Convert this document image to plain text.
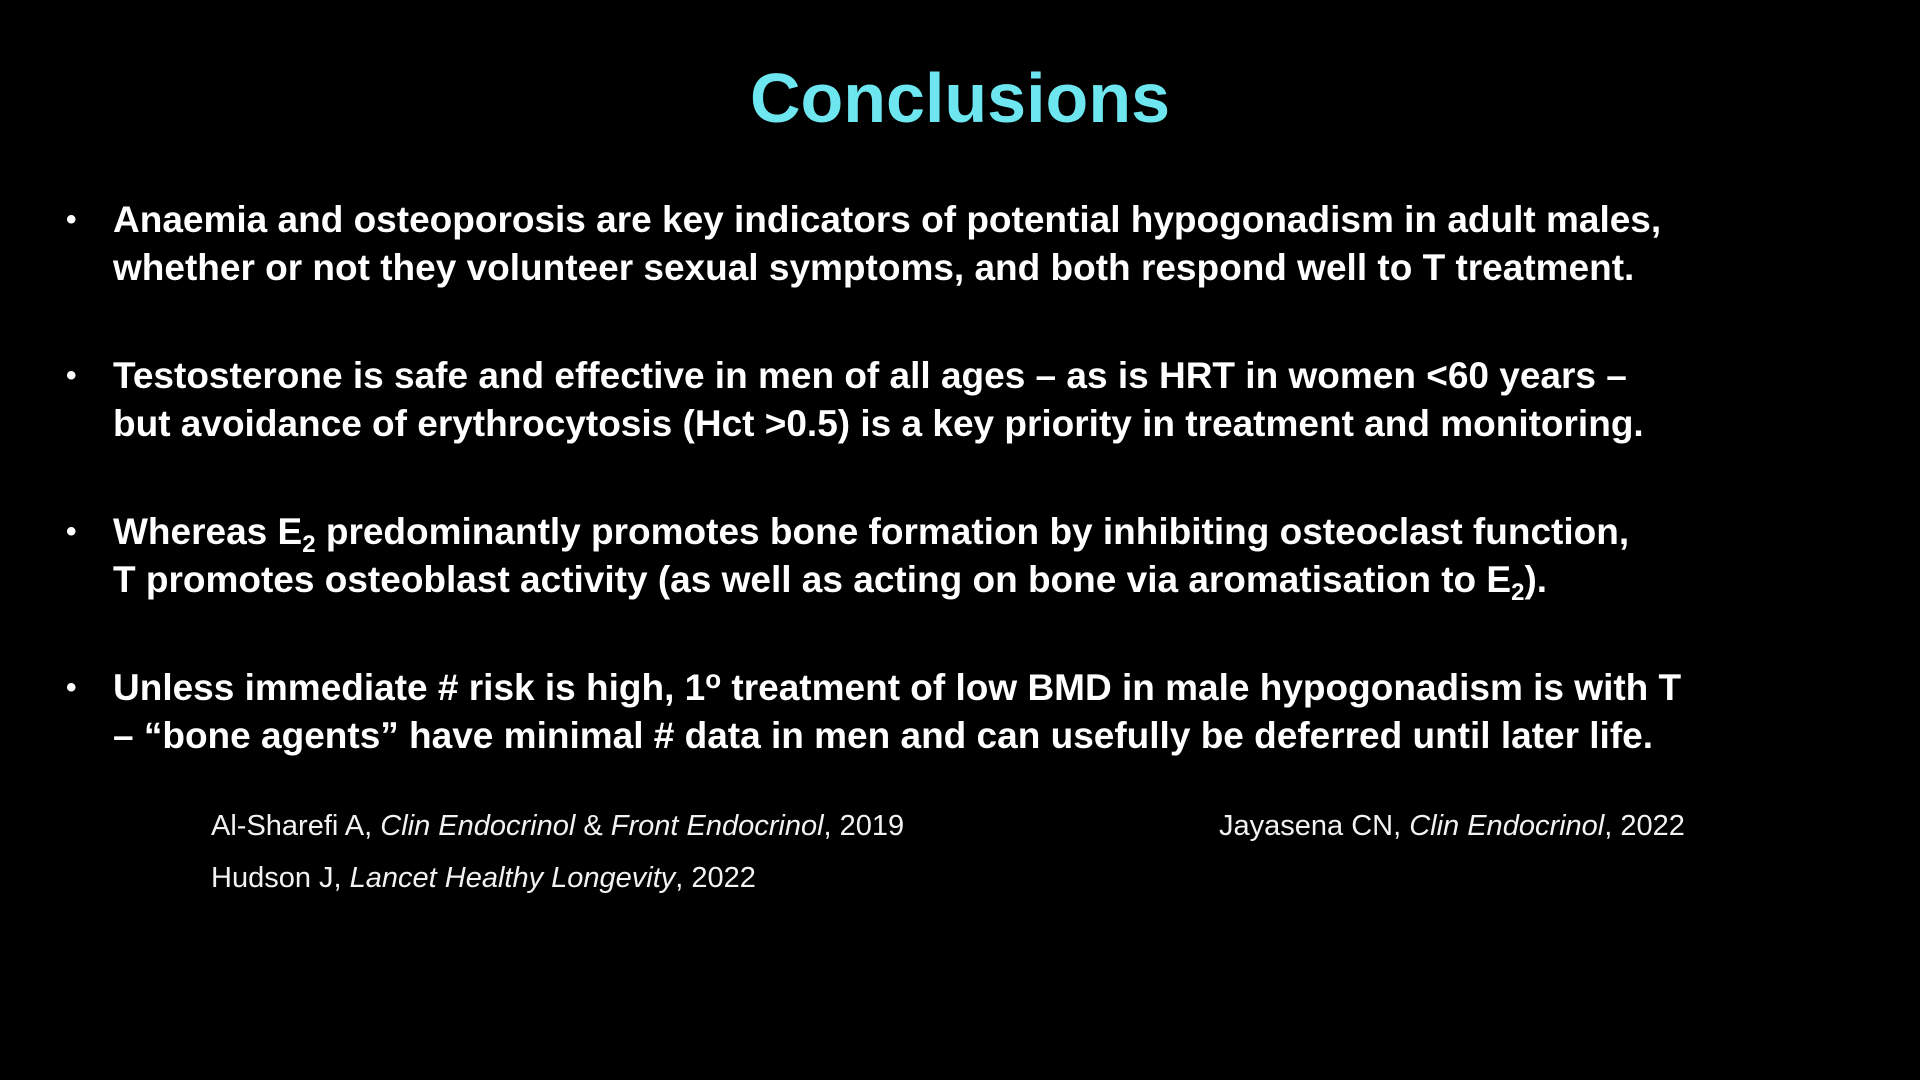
Conclusions
• Anaemia and osteoporosis are key indicators of potential hypogonadism in adult males,
whether or not they volunteer sexual symptoms, and both respond well to T treatment.
• Testosterone is safe and effective in men of all ages – as is HRT in women <60 years –
but avoidance of erythrocytosis (Hct >0.5) is a key priority in treatment and monitoring.
• Whereas $E_2$ predominantly promotes bone formation by inhibiting osteoclast function,
T promotes osteoblast activity (as well as acting on bone via aromatisation to $E_2$).
• Unless immediate # risk is high, 1$^o$ treatment of low BMD in male hypogonadism is with T
– “bone agents” have minimal # data in men and can usefully be deferred until later life.
Al-Sharefi A, Clin Endocrinol & Front Endocrinol, 2019	Jayasena CN, Clin Endocrinol, 2022
Hudson J, Lancet Healthy Longevity, 2022
